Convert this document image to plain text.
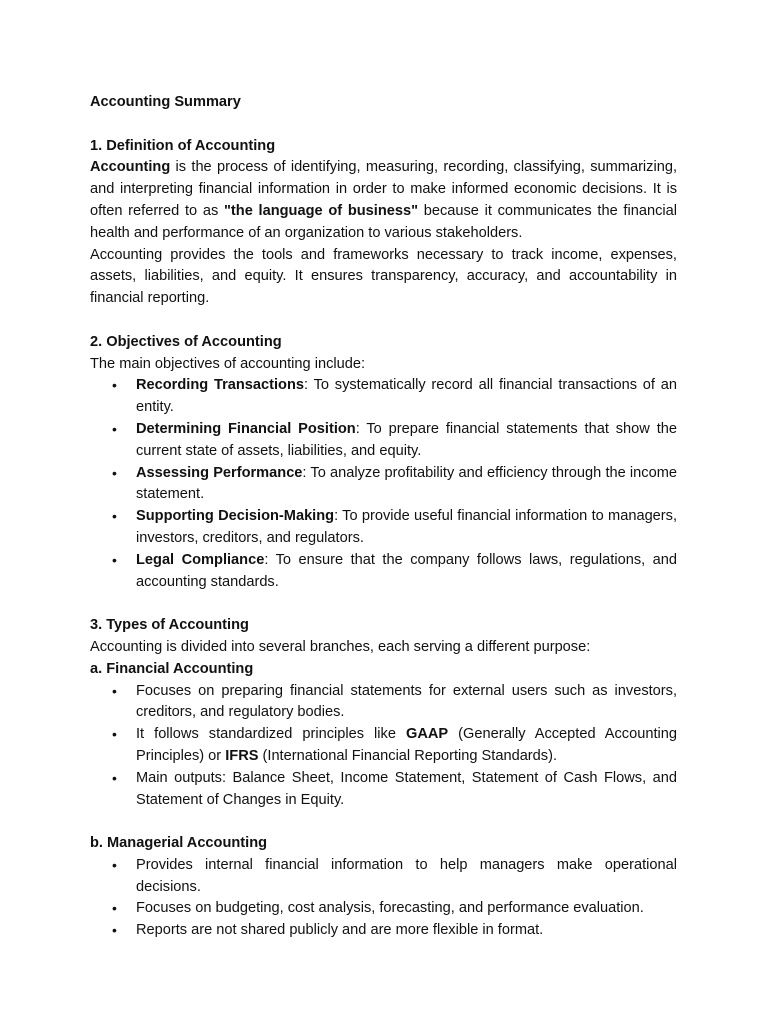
Accounting Summary

1. Definition of Accounting

Accounting is the process of identifying, measuring, recording, classifying, summarizing, and interpreting financial information in order to make informed economic decisions. It is often referred to as "the language of business" because it communicates the financial health and performance of an organization to various stakeholders.

Accounting provides the tools and frameworks necessary to track income, expenses, assets, liabilities, and equity. It ensures transparency, accuracy, and accountability in financial reporting.

2. Objectives of Accounting

The main objectives of accounting include:

•	Recording Transactions: To systematically record all financial transactions of an entity.
•	Determining Financial Position: To prepare financial statements that show the current state of assets, liabilities, and equity.
•	Assessing Performance: To analyze profitability and efficiency through the income statement.
•	Supporting Decision-Making: To provide useful financial information to managers, investors, creditors, and regulators.
•	Legal Compliance: To ensure that the company follows laws, regulations, and accounting standards.

3. Types of Accounting

Accounting is divided into several branches, each serving a different purpose:

a. Financial Accounting

•	Focuses on preparing financial statements for external users such as investors, creditors, and regulatory bodies.
•	It follows standardized principles like GAAP (Generally Accepted Accounting Principles) or IFRS (International Financial Reporting Standards).
•	Main outputs: Balance Sheet, Income Statement, Statement of Cash Flows, and Statement of Changes in Equity.

b. Managerial Accounting

•	Provides internal financial information to help managers make operational decisions.
•	Focuses on budgeting, cost analysis, forecasting, and performance evaluation.
•	Reports are not shared publicly and are more flexible in format.
